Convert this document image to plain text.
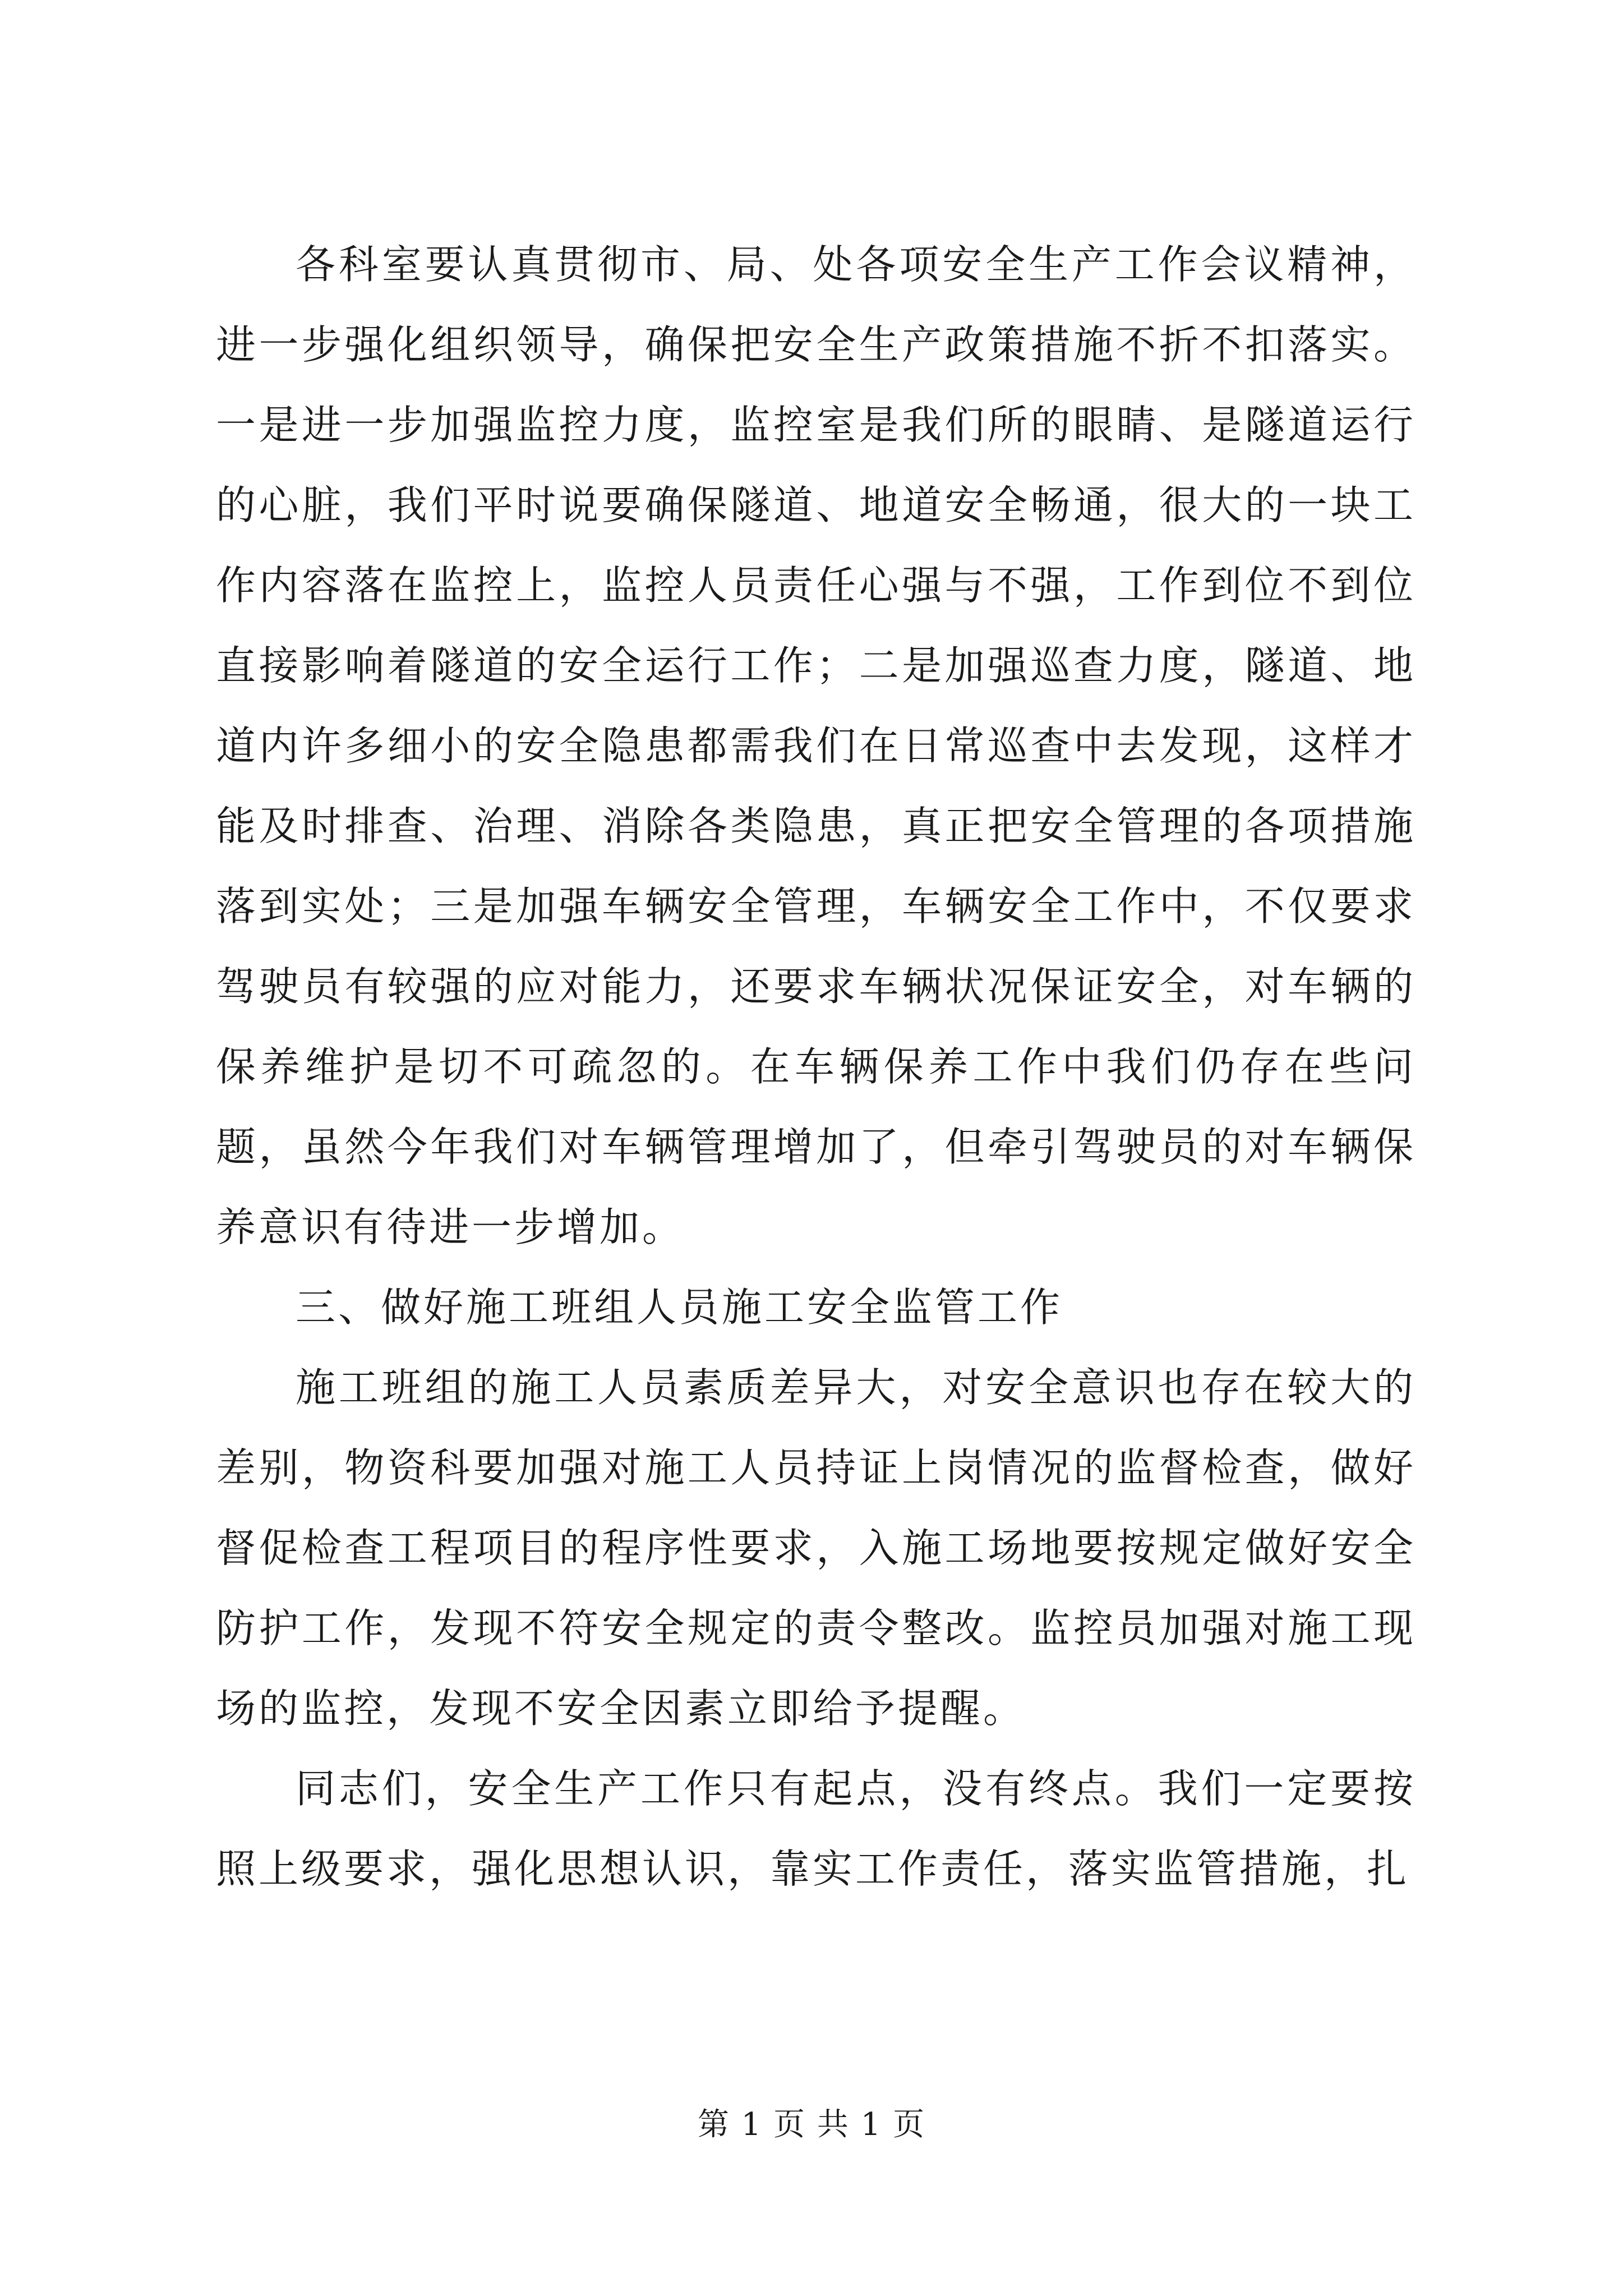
各科室要认真贯彻市、局、处各项安全生产工作会议精神，进一步强化组织领导，确保把安全生产政策措施不折不扣落实。一是进一步加强监控力度，监控室是我们所的眼睛、是隧道运行的心脏，我们平时说要确保隧道、地道安全畅通，很大的一块工作内容落在监控上，监控人员责任心强与不强，工作到位不到位直接影响着隧道的安全运行工作；二是加强巡查力度，隧道、地道内许多细小的安全隐患都需我们在日常巡查中去发现，这样才能及时排查、治理、消除各类隐患，真正把安全管理的各项措施落到实处；三是加强车辆安全管理，车辆安全工作中，不仅要求驾驶员有较强的应对能力，还要求车辆状况保证安全，对车辆的保养维护是切不可疏忽的。在车辆保养工作中我们仍存在些问题，虽然今年我们对车辆管理增加了，但牵引驾驶员的对车辆保养意识有待进一步增加。

三、做好施工班组人员施工安全监管工作

施工班组的施工人员素质差异大，对安全意识也存在较大的差别，物资科要加强对施工人员持证上岗情况的监督检查，做好督促检查工程项目的程序性要求，入施工场地要按规定做好安全防护工作，发现不符安全规定的责令整改。监控员加强对施工现场的监控，发现不安全因素立即给予提醒。

同志们，安全生产工作只有起点，没有终点。我们一定要按照上级要求，强化思想认识，靠实工作责任，落实监管措施，扎

第 1 页 共 1 页
